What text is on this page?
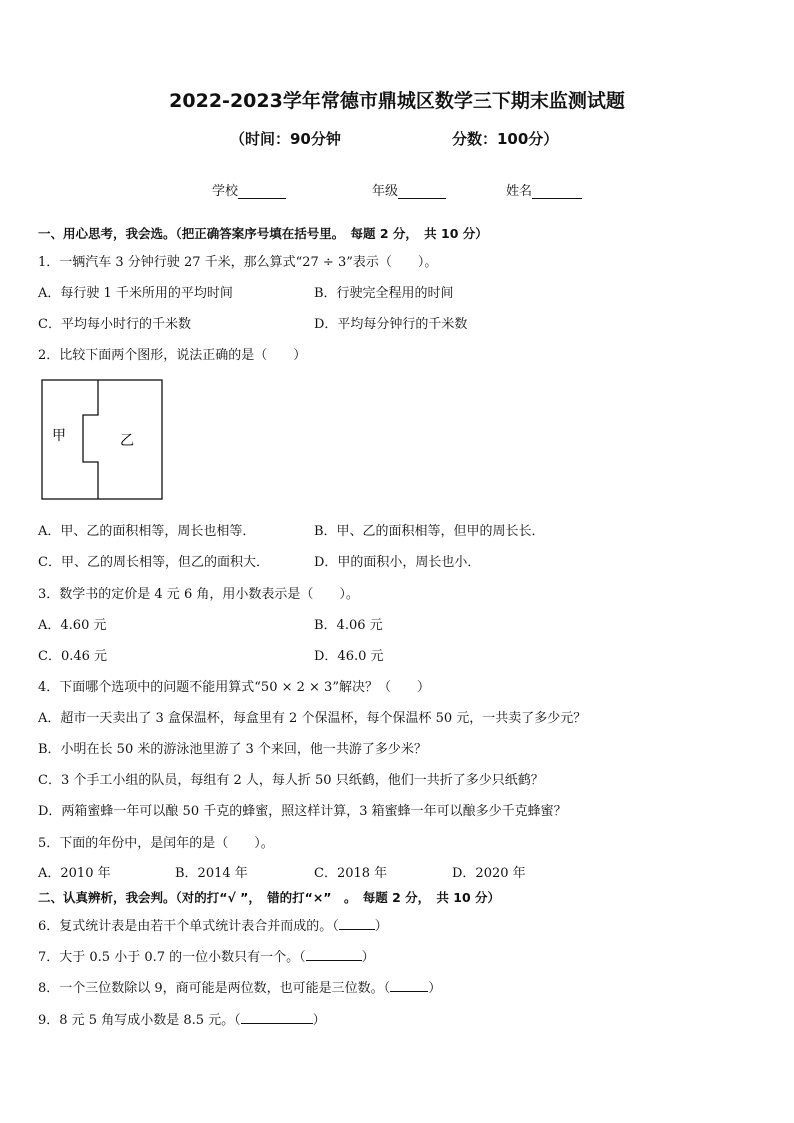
2022-2023学年常德市鼎城区数学三下期末监测试题
（时间：90分钟	分数：100分）
学校	年级	姓名
一、用心思考，我会选。（把正确答案序号填在括号里。　每题 2 分，　共 10 分）
1．一辆汽车 3 分钟行驶 27 千米，那么算式“27 ÷ 3”表示（　　）。
A．每行驶 1 千米所用的平均时间	B．行驶完全程用的时间
C．平均每小时行的千米数	D．平均每分钟行的千米数
2．比较下面两个图形，说法正确的是（　　）
甲	乙
A．甲、乙的面积相等，周长也相等．	B．甲、乙的面积相等，但甲的周长长．
C．甲、乙的周长相等，但乙的面积大．	D．甲的面积小，周长也小．
3．数学书的定价是 4 元 6 角，用小数表示是（　　）。
A．4.60 元	B．4.06 元
C．0.46 元	D．46.0 元
4．下面哪个选项中的问题不能用算式“50 × 2 × 3”解决？（　　）
A．超市一天卖出了 3 盒保温杯，每盒里有 2 个保温杯，每个保温杯 50 元，一共卖了多少元？
B．小明在长 50 米的游泳池里游了 3 个来回，他一共游了多少米？
C．3 个手工小组的队员，每组有 2 人，每人折 50 只纸鹤，他们一共折了多少只纸鹤？
D．两箱蜜蜂一年可以酿 50 千克的蜂蜜，照这样计算，3 箱蜜蜂一年可以酿多少千克蜂蜜？
5．下面的年份中，是闰年的是（　　）。
A．2010 年	B．2014 年	C．2018 年	D．2020 年
二、认真辨析，我会判。（对的打“√ ”，　错的打“×”　。　每题 2 分，　共 10 分）
6．复式统计表是由若干个单式统计表合并而成的。（	）
7．大于 0.5 小于 0.7 的一位小数只有一个。（	）
8．一个三位数除以 9，商可能是两位数，也可能是三位数。（	）
9．8 元 5 角写成小数是 8.5 元。（	）
